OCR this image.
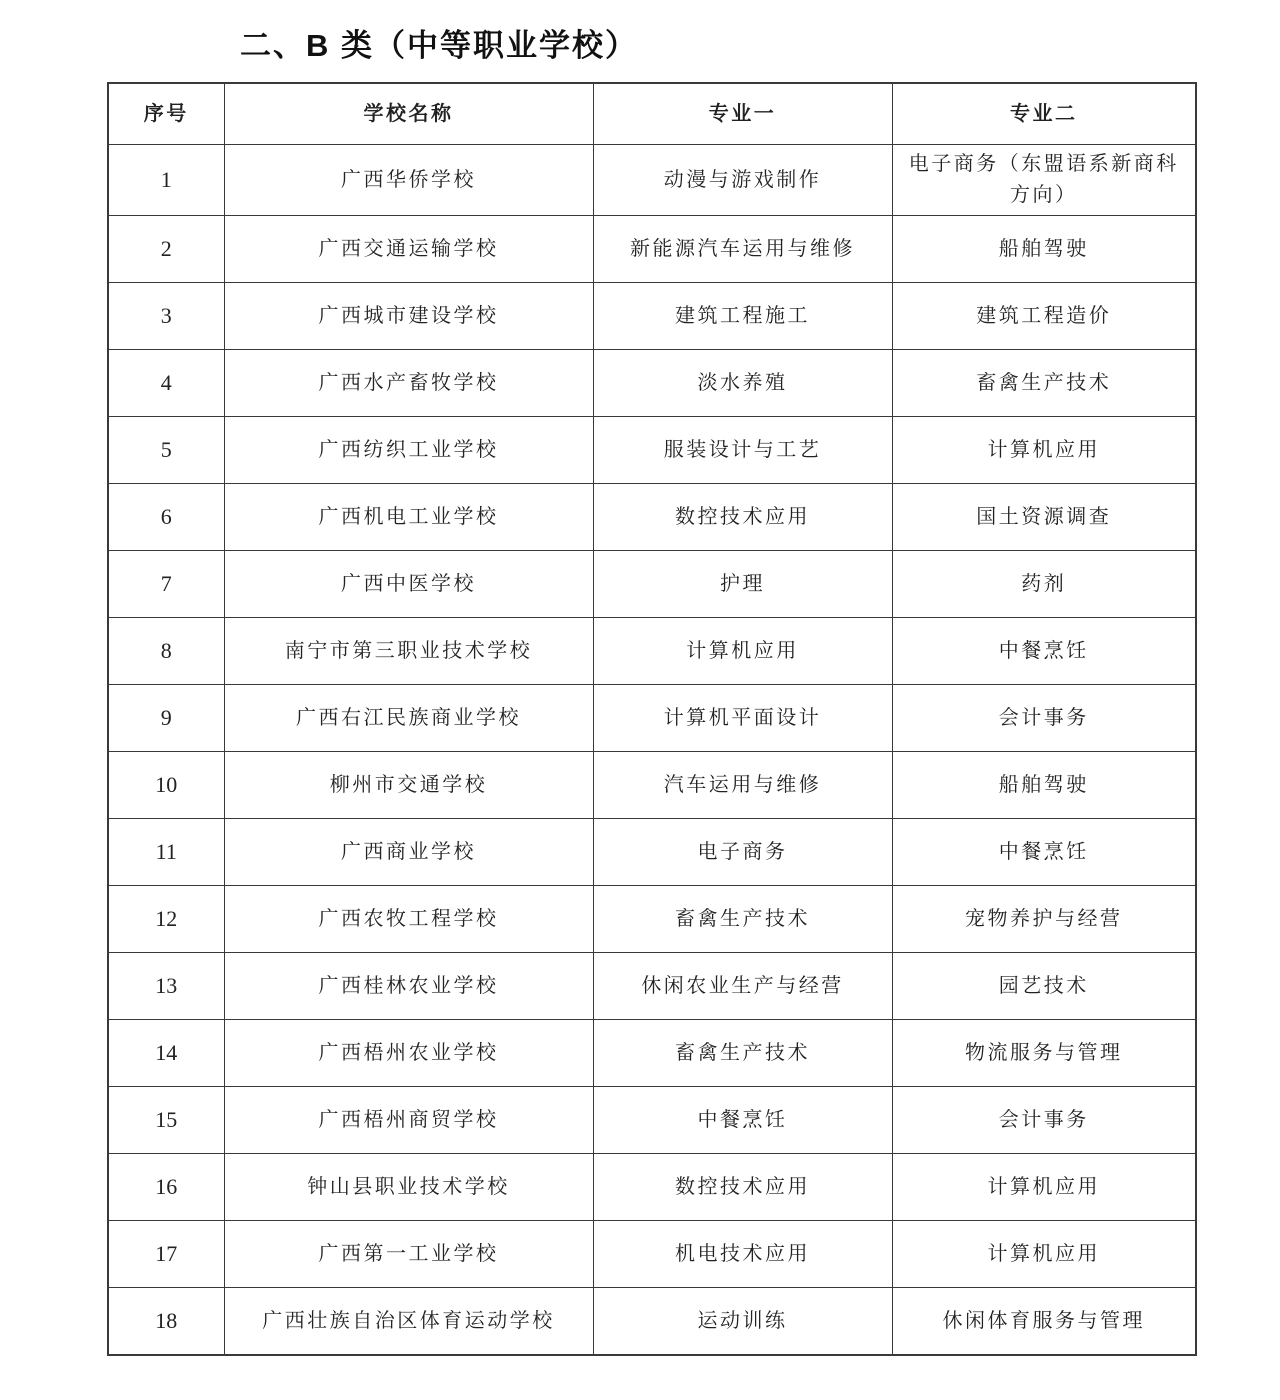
二、B 类（中等职业学校）
序号	学校名称	专业一	专业二
1	广西华侨学校	动漫与游戏制作	电子商务（东盟语系新商科方向）
2	广西交通运输学校	新能源汽车运用与维修	船舶驾驶
3	广西城市建设学校	建筑工程施工	建筑工程造价
4	广西水产畜牧学校	淡水养殖	畜禽生产技术
5	广西纺织工业学校	服装设计与工艺	计算机应用
6	广西机电工业学校	数控技术应用	国土资源调查
7	广西中医学校	护理	药剂
8	南宁市第三职业技术学校	计算机应用	中餐烹饪
9	广西右江民族商业学校	计算机平面设计	会计事务
10	柳州市交通学校	汽车运用与维修	船舶驾驶
11	广西商业学校	电子商务	中餐烹饪
12	广西农牧工程学校	畜禽生产技术	宠物养护与经营
13	广西桂林农业学校	休闲农业生产与经营	园艺技术
14	广西梧州农业学校	畜禽生产技术	物流服务与管理
15	广西梧州商贸学校	中餐烹饪	会计事务
16	钟山县职业技术学校	数控技术应用	计算机应用
17	广西第一工业学校	机电技术应用	计算机应用
18	广西壮族自治区体育运动学校	运动训练	休闲体育服务与管理
